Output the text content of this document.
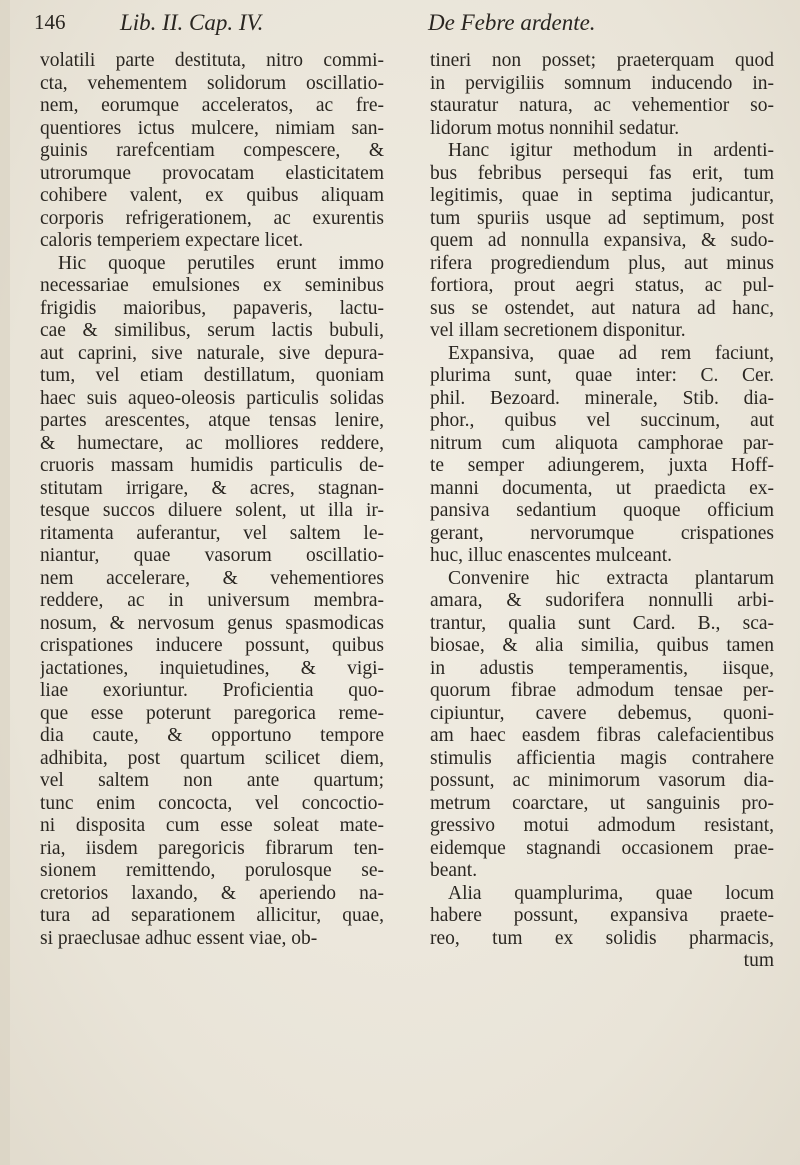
146 Lib. II. Cap. IV.	De Febre ardente.
volatili parte destituta, nitro commi-
cta, vehementem solidorum oscillatio-
nem, eorumque acceleratos, ac fre-
quentiores ictus mulcere, nimiam san-
guinis rarefcentiam compescere, &
utrorumque provocatam elasticitatem
cohibere valent, ex quibus aliquam
corporis refrigerationem, ac exurentis
caloris temperiem expectare licet.
Hic quoque perutiles erunt immo
necessariae emulsiones ex seminibus
frigidis maioribus, papaveris, lactu-
cae & similibus, serum lactis bubuli,
aut caprini, sive naturale, sive depura-
tum, vel etiam destillatum, quoniam
haec suis aqueo-oleosis particulis solidas
partes arescentes, atque tensas lenire,
& humectare, ac molliores reddere,
cruoris massam humidis particulis de-
stitutam irrigare, & acres, stagnan-
tesque succos diluere solent, ut illa ir-
ritamenta auferantur, vel saltem le-
niantur, quae vasorum oscillatio-
nem accelerare, & vehementiores
reddere, ac in universum membra-
nosum, & nervosum genus spasmodicas
crispationes inducere possunt, quibus
jactationes, inquietudines, & vigi-
liae exoriuntur. Proficientia quo-
que esse poterunt paregorica reme-
dia caute, & opportuno tempore
adhibita, post quartum scilicet diem,
vel saltem non ante quartum;
tunc enim concocta, vel concoctio-
ni disposita cum esse soleat mate-
ria, iisdem paregoricis fibrarum ten-
sionem remittendo, porulosque se-
cretorios laxando, & aperiendo na-
tura ad separationem allicitur, quae,
si praeclusae adhuc essent viae, ob-
tineri non posset; praeterquam quod
in pervigiliis somnum inducendo in-
stauratur natura, ac vehementior so-
lidorum motus nonnihil sedatur.
Hanc igitur methodum in ardenti-
bus febribus persequi fas erit, tum
legitimis, quae in septima judicantur,
tum spuriis usque ad septimum, post
quem ad nonnulla expansiva, & sudo-
rifera progrediendum plus, aut minus
fortiora, prout aegri status, ac pul-
sus se ostendet, aut natura ad hanc,
vel illam secretionem disponitur.
Expansiva, quae ad rem faciunt,
plurima sunt, quae inter: C. Cer.
phil. Bezoard. minerale, Stib. dia-
phor., quibus vel succinum, aut
nitrum cum aliquota camphorae par-
te semper adiungerem, juxta Hoff-
manni documenta, ut praedicta ex-
pansiva sedantium quoque officium
gerant, nervorumque crispationes
huc, illuc enascentes mulceant.
Convenire hic extracta plantarum
amara, & sudorifera nonnulli arbi-
trantur, qualia sunt Card. B., sca-
biosae, & alia similia, quibus tamen
in adustis temperamentis, iisque,
quorum fibrae admodum tensae per-
cipiuntur, cavere debemus, quoni-
am haec easdem fibras calefacientibus
stimulis afficientia magis contrahere
possunt, ac minimorum vasorum dia-
metrum coarctare, ut sanguinis pro-
gressivo motui admodum resistant,
eidemque stagnandi occasionem prae-
beant.
Alia quamplurima, quae locum
habere possunt, expansiva praete-
reo, tum ex solidis pharmacis,
tum
